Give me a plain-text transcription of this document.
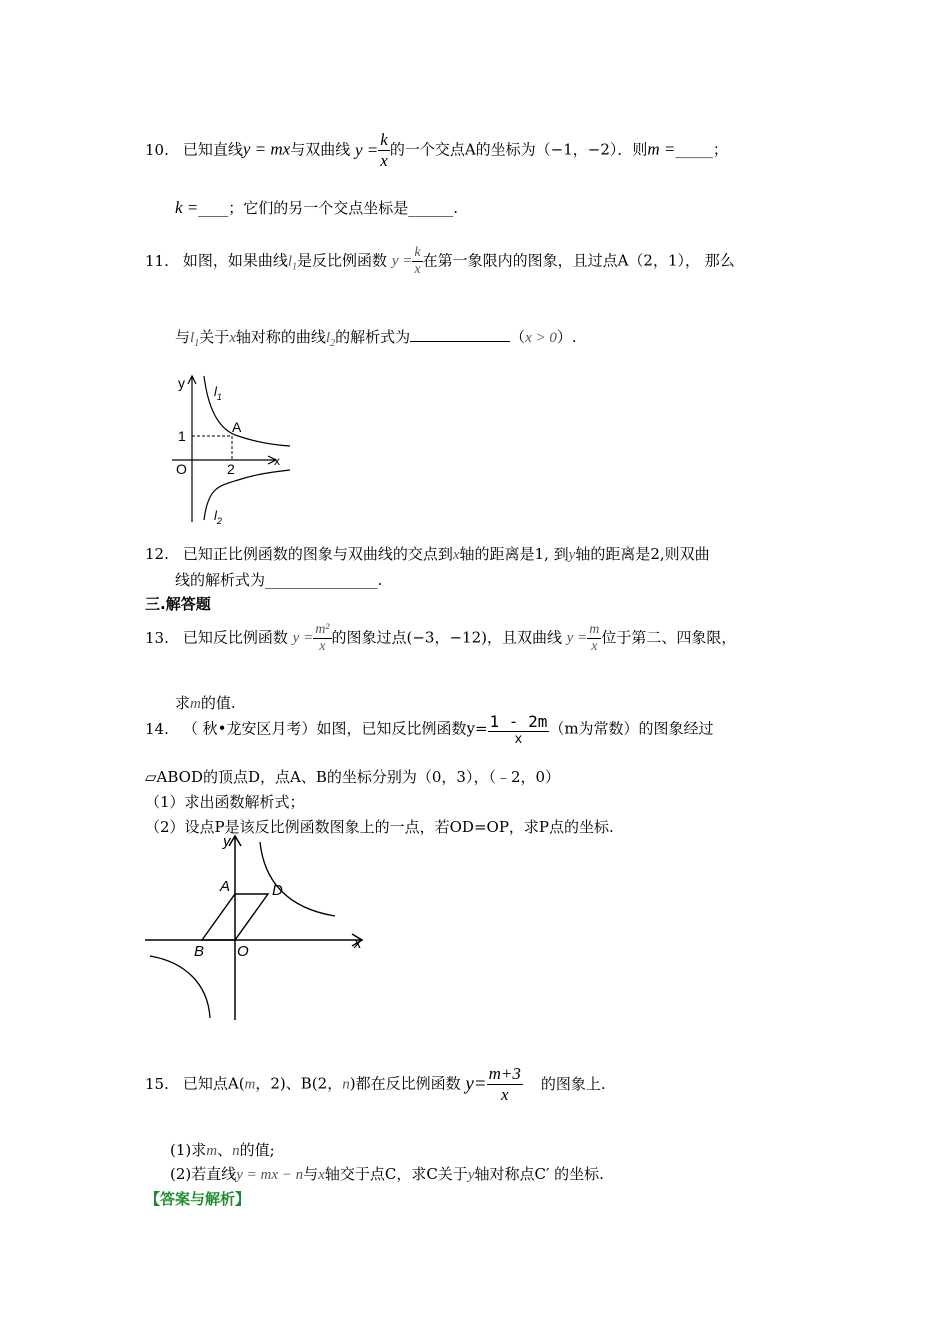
10. 已知直线y = mx与双曲线 $y = \frac{k}{x}$ 的一个交点A的坐标为（−1，−2）．则m =_____；
k =____；它们的另一个交点坐标是______.
11. 如图，如果曲线$l_1$是反比例函数 $y = \frac{k}{x}$ 在第一象限内的图象，且过点A（2，1）， 那么
与$l_1$关于x轴对称的曲线$l_2$的解析式为	（x > 0）.
y
x
$l_1$
$l_2$
A
1
2
O
12. 已知正比例函数的图象与双曲线的交点到x轴的距离是1, 到y轴的距离是2,则双曲
线的解析式为_______________.
三.解答题
13. 已知反比例函数 $y = \frac{\text{m²}}{x}$ 的图象过点(−3，−12)，且双曲线 $y = \frac{m}{x}$ 位于第二、四象限，
求m的值.
14. （ 秋•龙安区月考）如图，已知反比例函数$y= \frac{1 - 2m}{x} (m$为常数）的图象经过
▱ABOD的顶点D，点A、B的坐标分别为（0，3），（﹣2，0）
（1）求出函数解析式；
（2）设点P是该反比例函数图象上的一点，若OD=OP，求P点的坐标.
y
x
A	D
B O
15. 已知点A(m，2)、B(2，n)都在反比例函数 $y= \frac{m+3}{x}$ 的图象上.
(1)求m、n的值;
(2)若直线y = mx − n与x轴交于点C，求C关于y轴对称点C′ 的坐标.
【答案与解析】
